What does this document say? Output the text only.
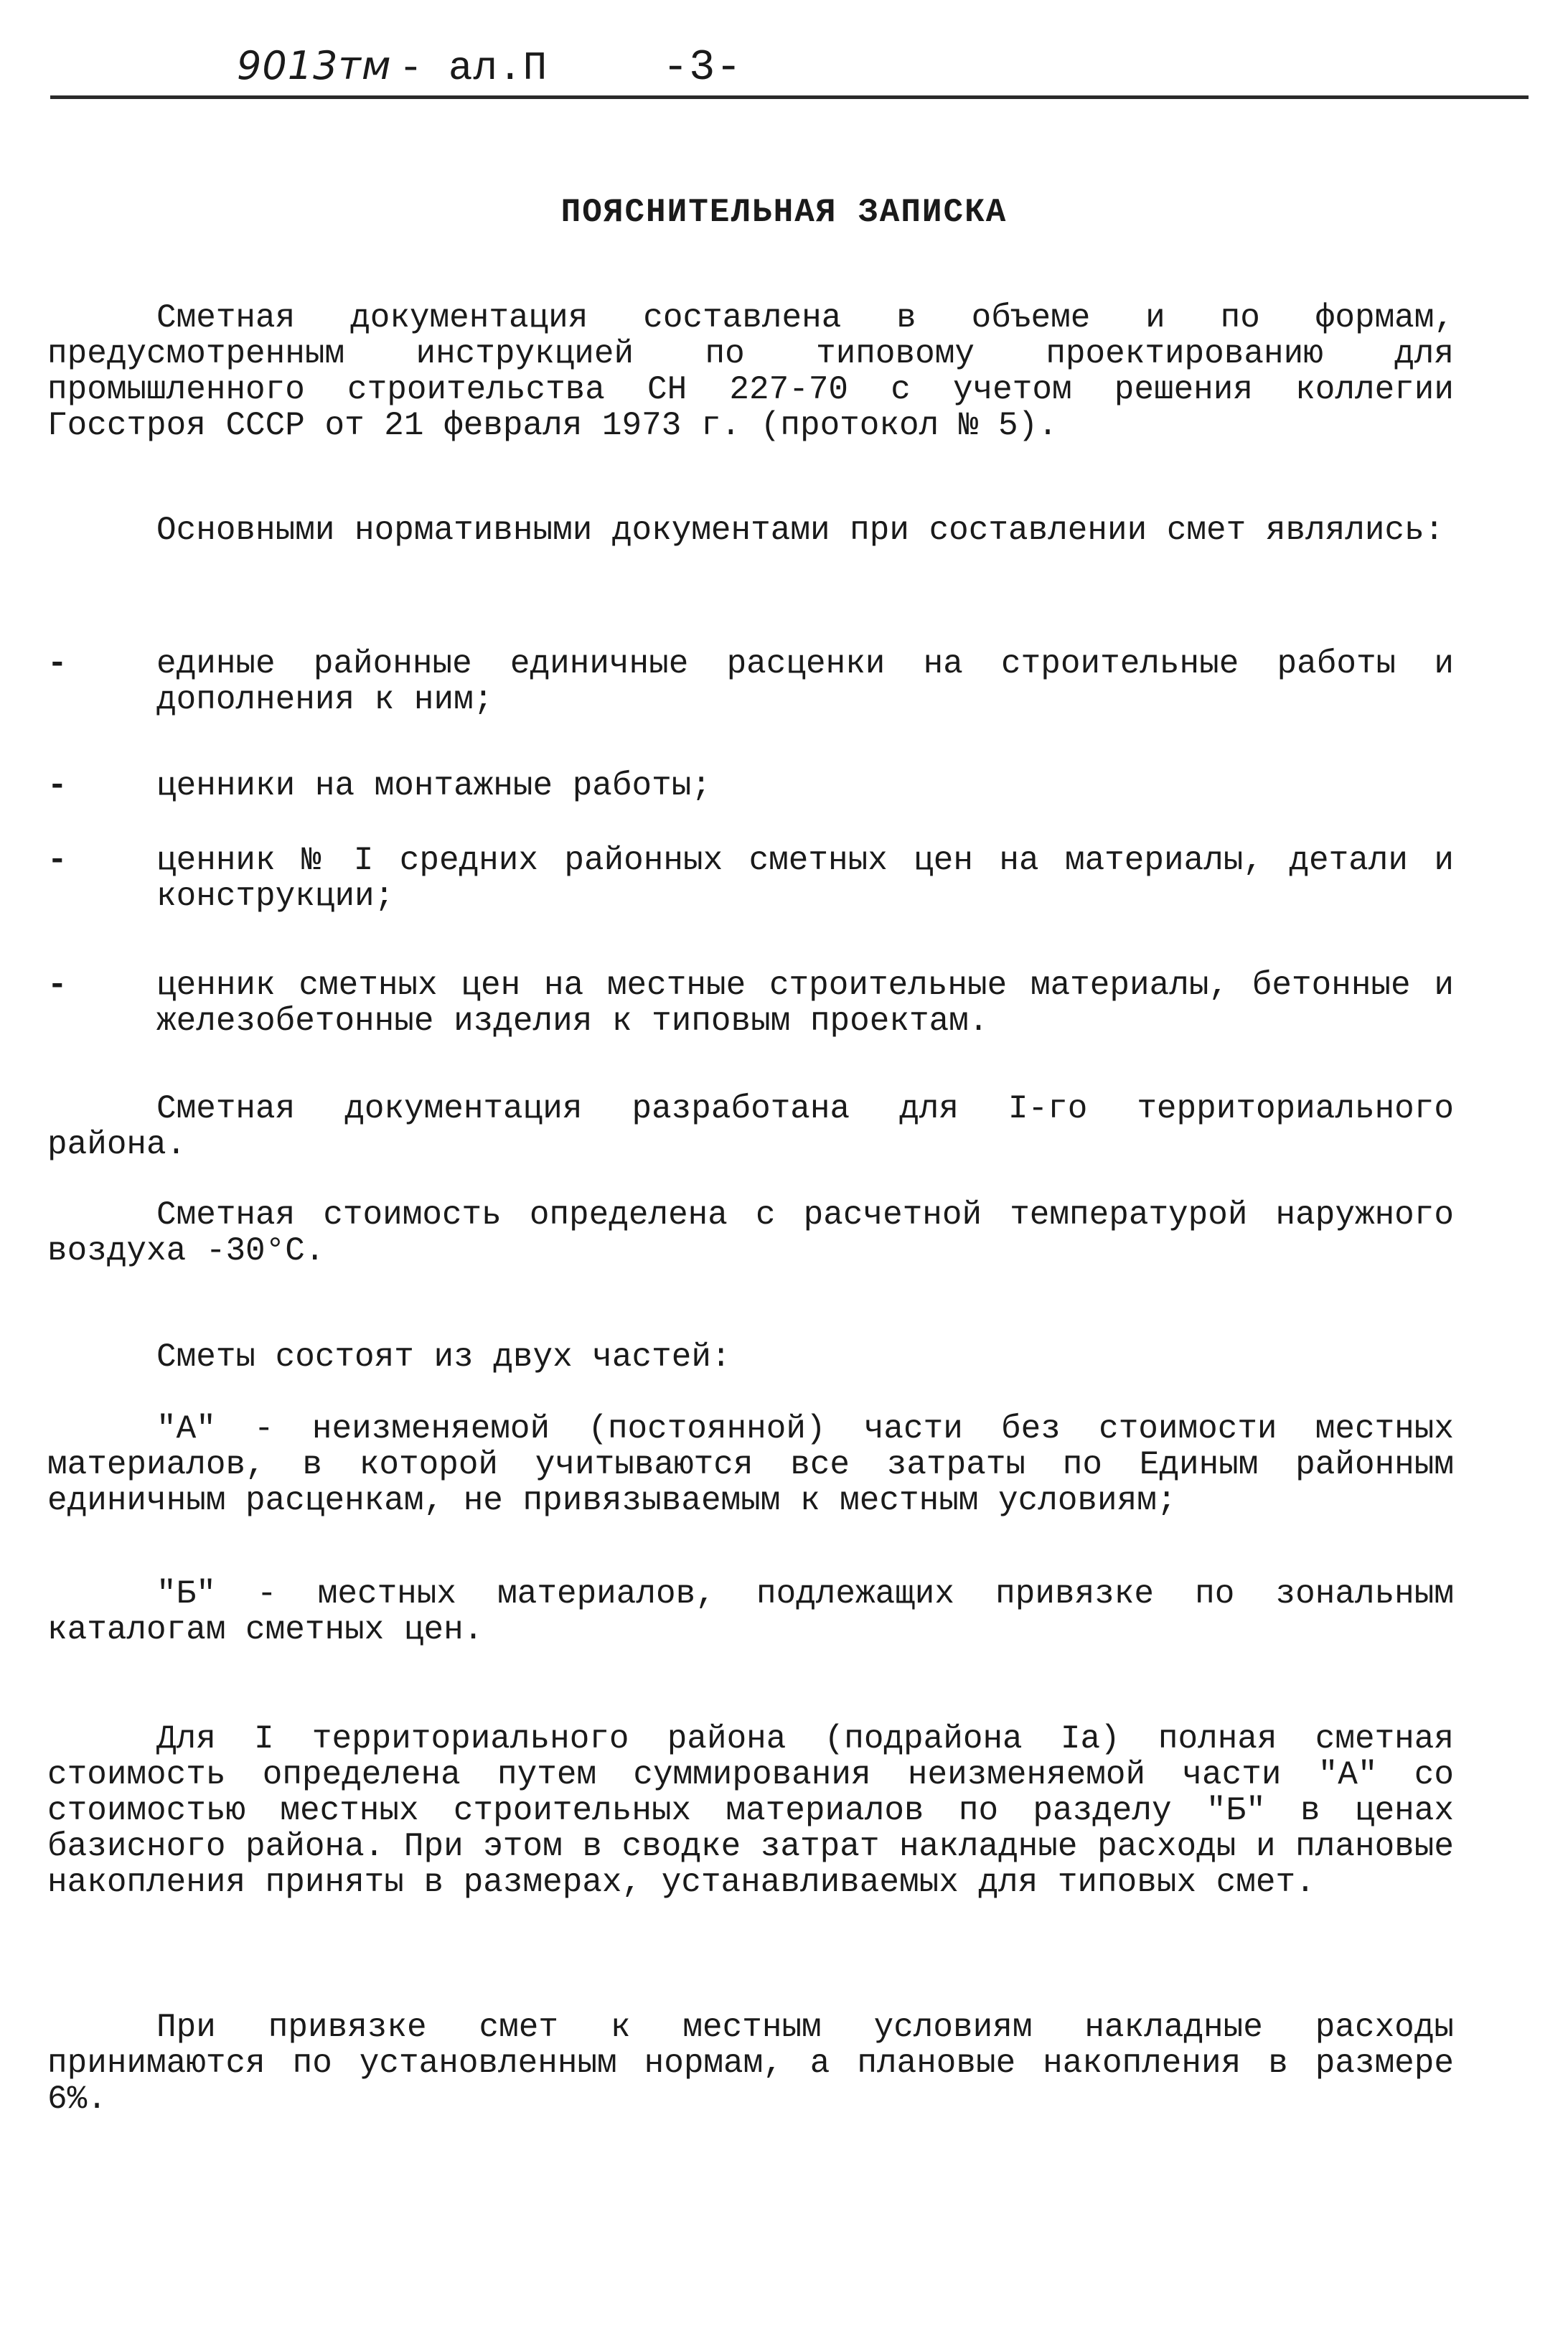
9013тм - ал.П	-3-
ПОЯСНИТЕЛЬНАЯ ЗАПИСКА
Сметная документация составлена в объеме и по формам, предусмотренным инструкцией по типовому проектированию для промышленного строительства СН 227-70 с учетом решения коллегии Госстроя СССР от 21 февраля 1973 г. (протокол № 5).
Основными нормативными документами при составлении смет являлись:
-	единые районные единичные расценки на строительные работы и дополнения к ним;
-	ценники на монтажные работы;
-	ценник № I средних районных сметных цен на материалы, детали и конструкции;
-	ценник сметных цен на местные строительные материалы, бетонные и железобетонные изделия к типовым проектам.
Сметная документация разработана для I-го территориального района.
Сметная стоимость определена с расчетной температурой наружного воздуха -30°С.
Сметы состоят из двух частей:
"А" - неизменяемой (постоянной) части без стоимости местных материалов, в которой учитываются все затраты по Единым районным единичным расценкам, не привязываемым к местным условиям;
"Б" - местных материалов, подлежащих привязке по зональным каталогам сметных цен.
Для I территориального района (подрайона Iа) полная сметная стоимость определена путем суммирования неизменяемой части "А" со стоимостью местных строительных материалов по разделу "Б" в ценах базисного района. При этом в сводке затрат накладные расходы и плановые накопления приняты в размерах, устанавливаемых для типовых смет.
При привязке смет к местным условиям накладные расходы принимаются по установленным нормам, а плановые накопления в размере 6%.
